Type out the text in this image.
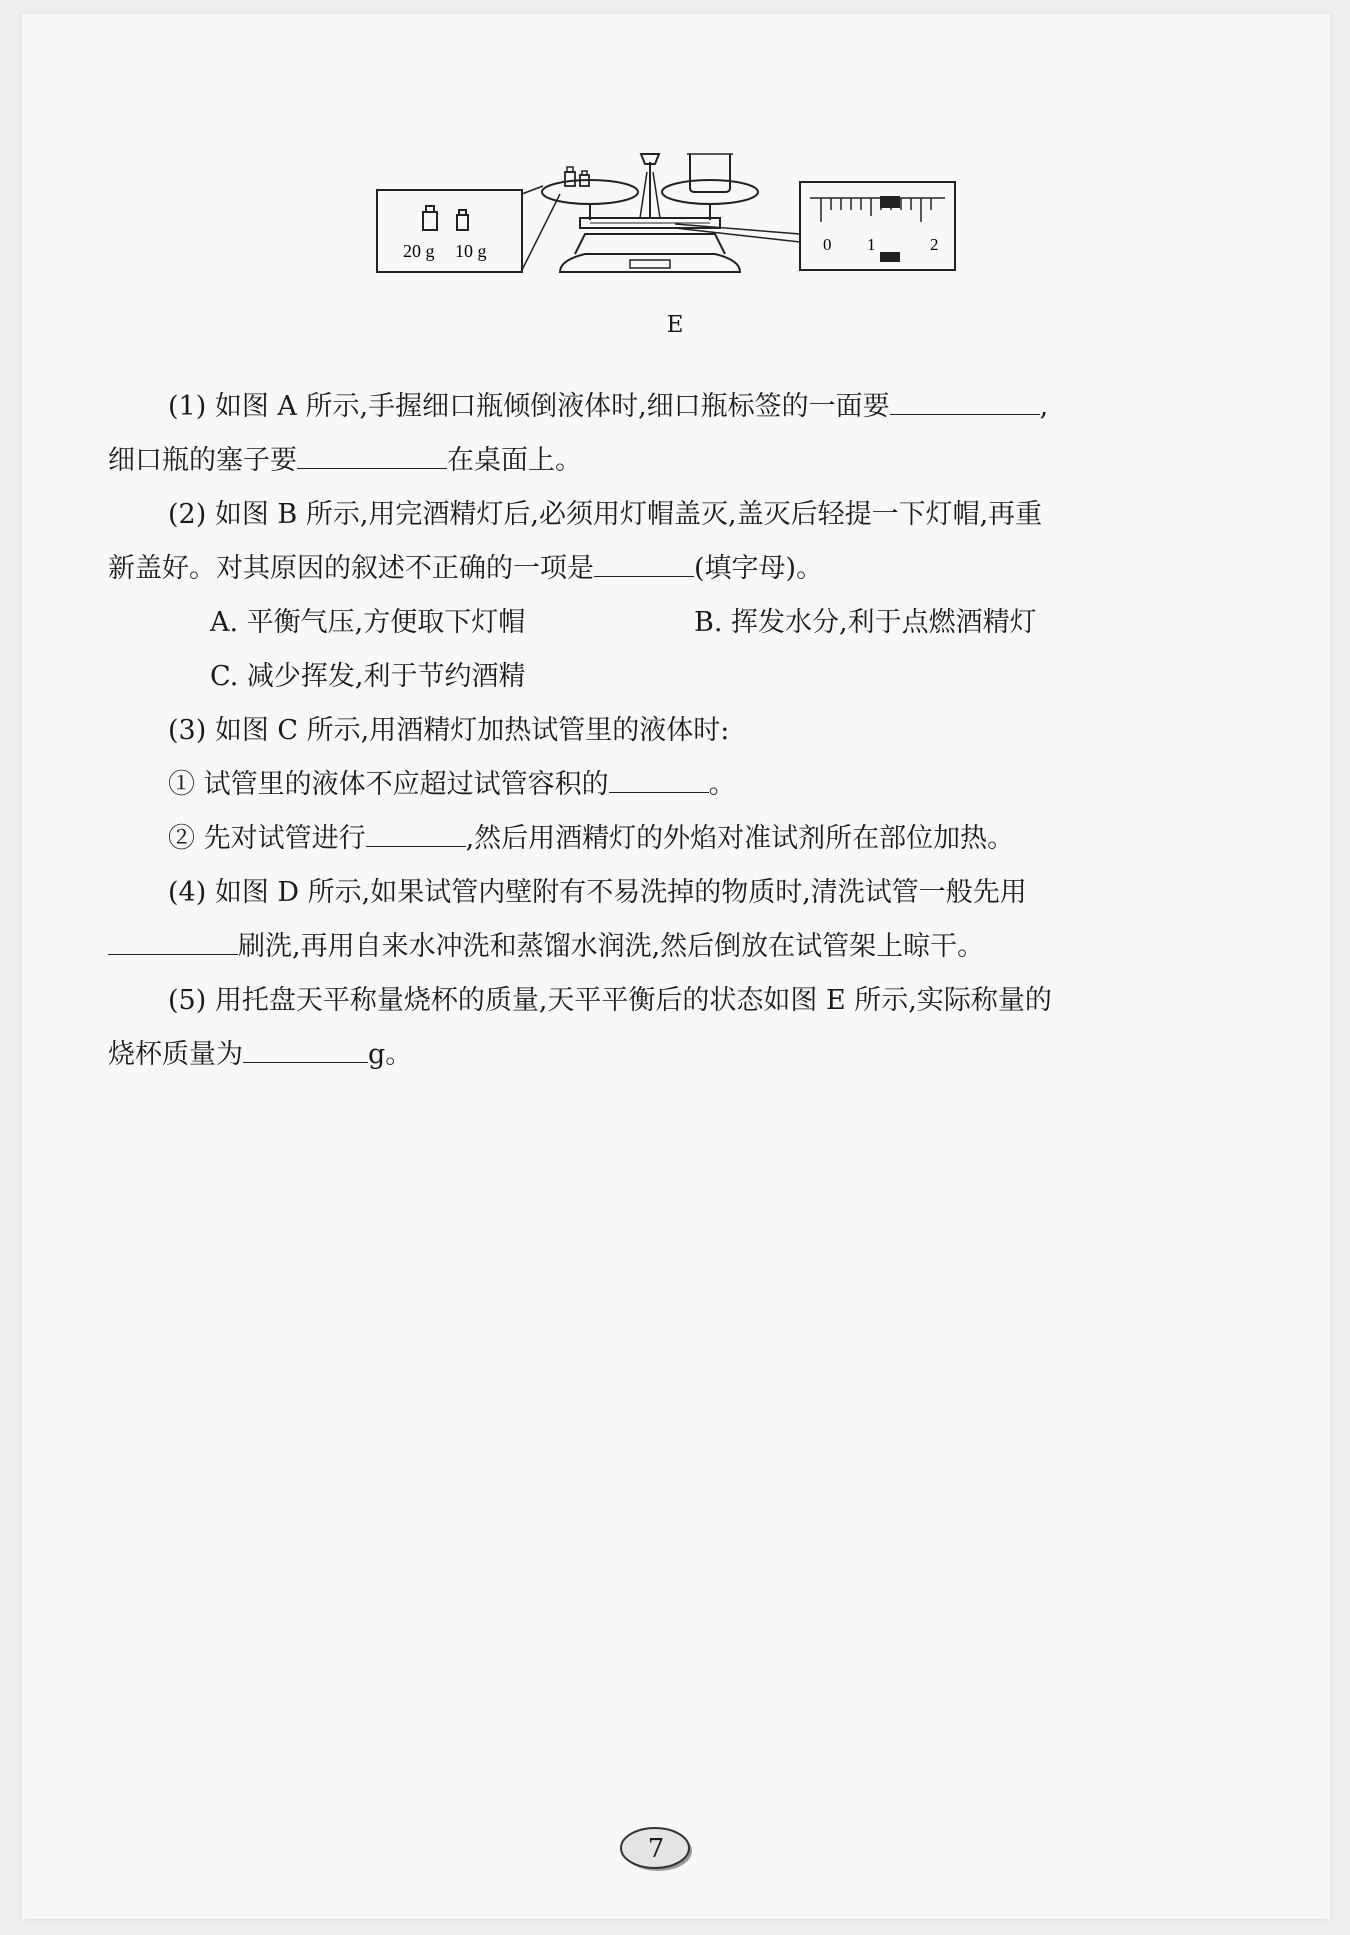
20 g 10 g	0 1	2
E
(1) 如图 A 所示,手握细口瓶倾倒液体时,细口瓶标签的一面要	,
细口瓶的塞子要	在桌面上。
(2) 如图 B 所示,用完酒精灯后,必须用灯帽盖灭,盖灭后轻提一下灯帽,再重
新盖好。对其原因的叙述不正确的一项是	(填字母)。
A. 平衡气压,方便取下灯帽	B. 挥发水分,利于点燃酒精灯
C. 减少挥发,利于节约酒精
(3) 如图 C 所示,用酒精灯加热试管里的液体时:
① 试管里的液体不应超过试管容积的	。
② 先对试管进行	,然后用酒精灯的外焰对准试剂所在部位加热。
(4) 如图 D 所示,如果试管内壁附有不易洗掉的物质时,清洗试管一般先用
刷洗,再用自来水冲洗和蒸馏水润洗,然后倒放在试管架上晾干。
(5) 用托盘天平称量烧杯的质量,天平平衡后的状态如图 E 所示,实际称量的
烧杯质量为	g。
7
